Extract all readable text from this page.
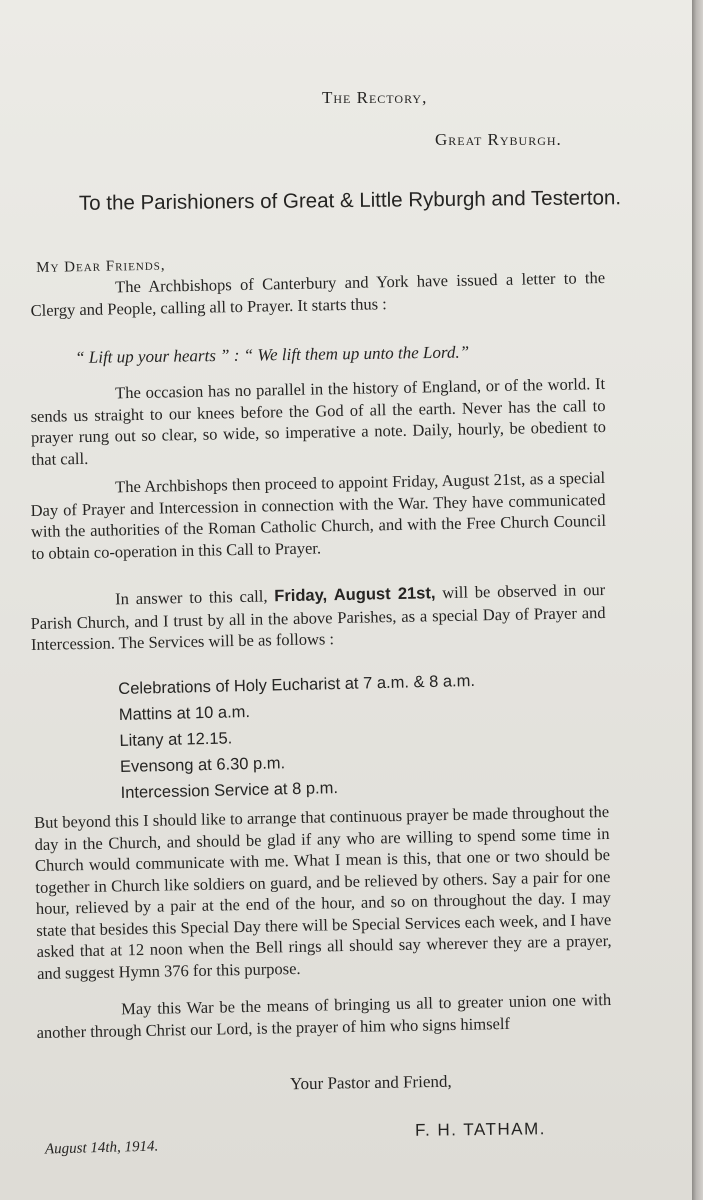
The Rectory,
Great Ryburgh.
To the Parishioners of Great & Little Ryburgh and Testerton.
My Dear Friends,
The Archbishops of Canterbury and York have issued a letter to the Clergy and People, calling all to Prayer. It starts thus :
“ Lift up your hearts ” : “ We lift them up unto the Lord.”
The occasion has no parallel in the history of England, or of the world. It sends us straight to our knees before the God of all the earth. Never has the call to prayer rung out so clear, so wide, so imperative a note. Daily, hourly, be obedient to that call.
The Archbishops then proceed to appoint Friday, August 21st, as a special Day of Prayer and Intercession in connection with the War. They have communicated with the authorities of the Roman Catholic Church, and with the Free Church Council to obtain co-operation in this Call to Prayer.
In answer to this call, Friday, August 21st, will be observed in our Parish Church, and I trust by all in the above Parishes, as a special Day of Prayer and Intercession. The Services will be as follows :
Celebrations of Holy Eucharist at 7 a.m. & 8 a.m.
Mattins at 10 a.m.
Litany at 12.15.
Evensong at 6.30 p.m.
Intercession Service at 8 p.m.
But beyond this I should like to arrange that continuous prayer be made throughout the day in the Church, and should be glad if any who are willing to spend some time in Church would communicate with me. What I mean is this, that one or two should be together in Church like soldiers on guard, and be relieved by others. Say a pair for one hour, relieved by a pair at the end of the hour, and so on throughout the day. I may state that besides this Special Day there will be Special Services each week, and I have asked that at 12 noon when the Bell rings all should say wherever they are a prayer, and suggest Hymn 376 for this purpose.
May this War be the means of bringing us all to greater union one with another through Christ our Lord, is the prayer of him who signs himself
Your Pastor and Friend,
F. H. TATHAM.
August 14th, 1914.
